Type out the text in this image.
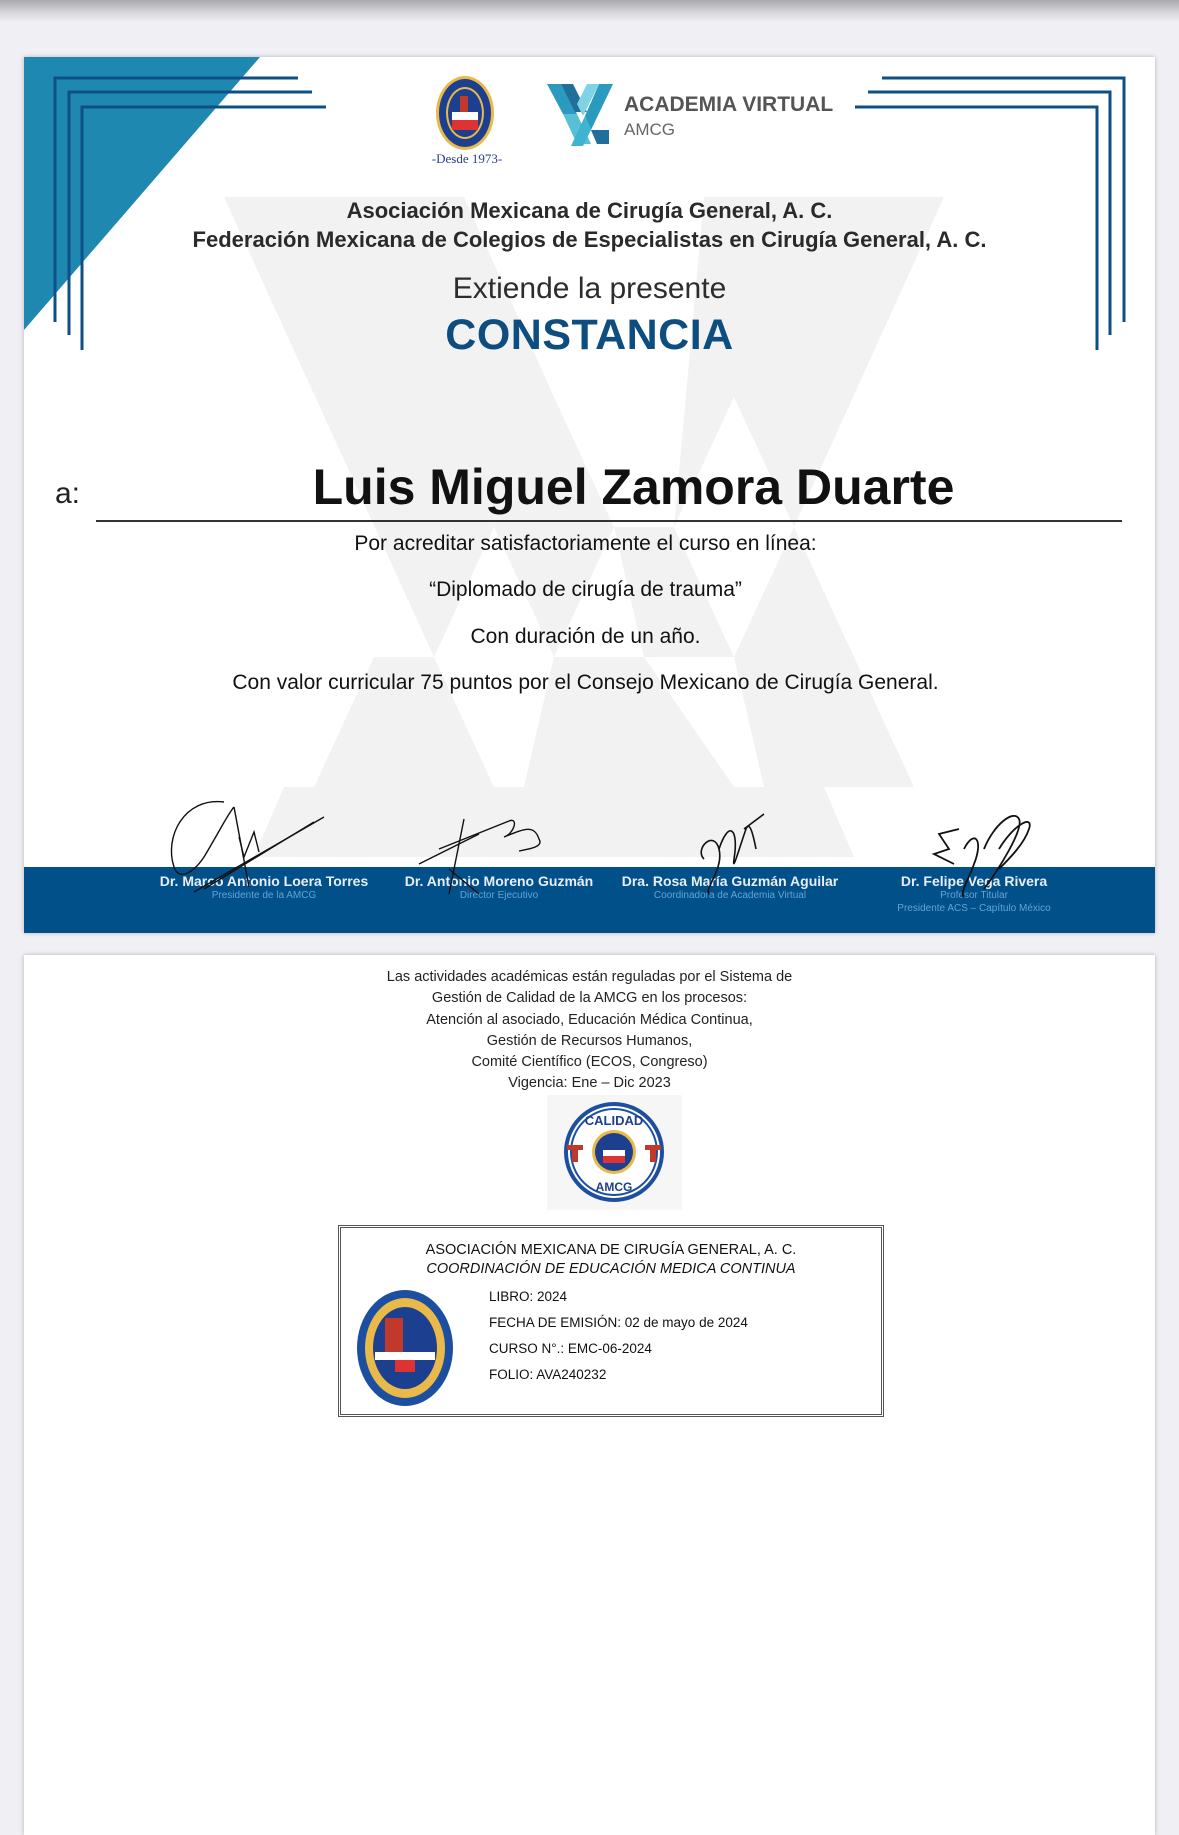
-Desde 1973-
ACADEMIA VIRTUAL
AMCG
Asociación Mexicana de Cirugía General, A. C.
Federación Mexicana de Colegios de Especialistas en Cirugía General, A. C.
Extiende la presente
CONSTANCIA
a:	Luis Miguel Zamora Duarte
Por acreditar satisfactoriamente el curso en línea:
“Diplomado de cirugía de trauma”
Con duración de un año.
Con valor curricular 75 puntos por el Consejo Mexicano de Cirugía General.
Dr. Marco Antonio Loera Torres
Presidente de la AMCG
Dr. Antonio Moreno Guzmán
Director Ejecutivo
Dra. Rosa María Guzmán Aguilar
Coordinadora de Academia Virtual
Dr. Felipe Vega Rivera
Profesor Titular
Presidente ACS – Capítulo México
Las actividades académicas están reguladas por el Sistema de
Gestión de Calidad de la AMCG en los procesos:
Atención al asociado, Educación Médica Continua,
Gestión de Recursos Humanos,
Comité Científico (ECOS, Congreso)
Vigencia: Ene – Dic 2023
CALIDAD
AMCG
ASOCIACIÓN MEXICANA DE CIRUGÍA GENERAL, A. C.
COORDINACIÓN DE EDUCACIÓN MEDICA CONTINUA
LIBRO: 2024
FECHA DE EMISIÓN: 02 de mayo de 2024
CURSO N°.: EMC-06-2024
FOLIO: AVA240232
